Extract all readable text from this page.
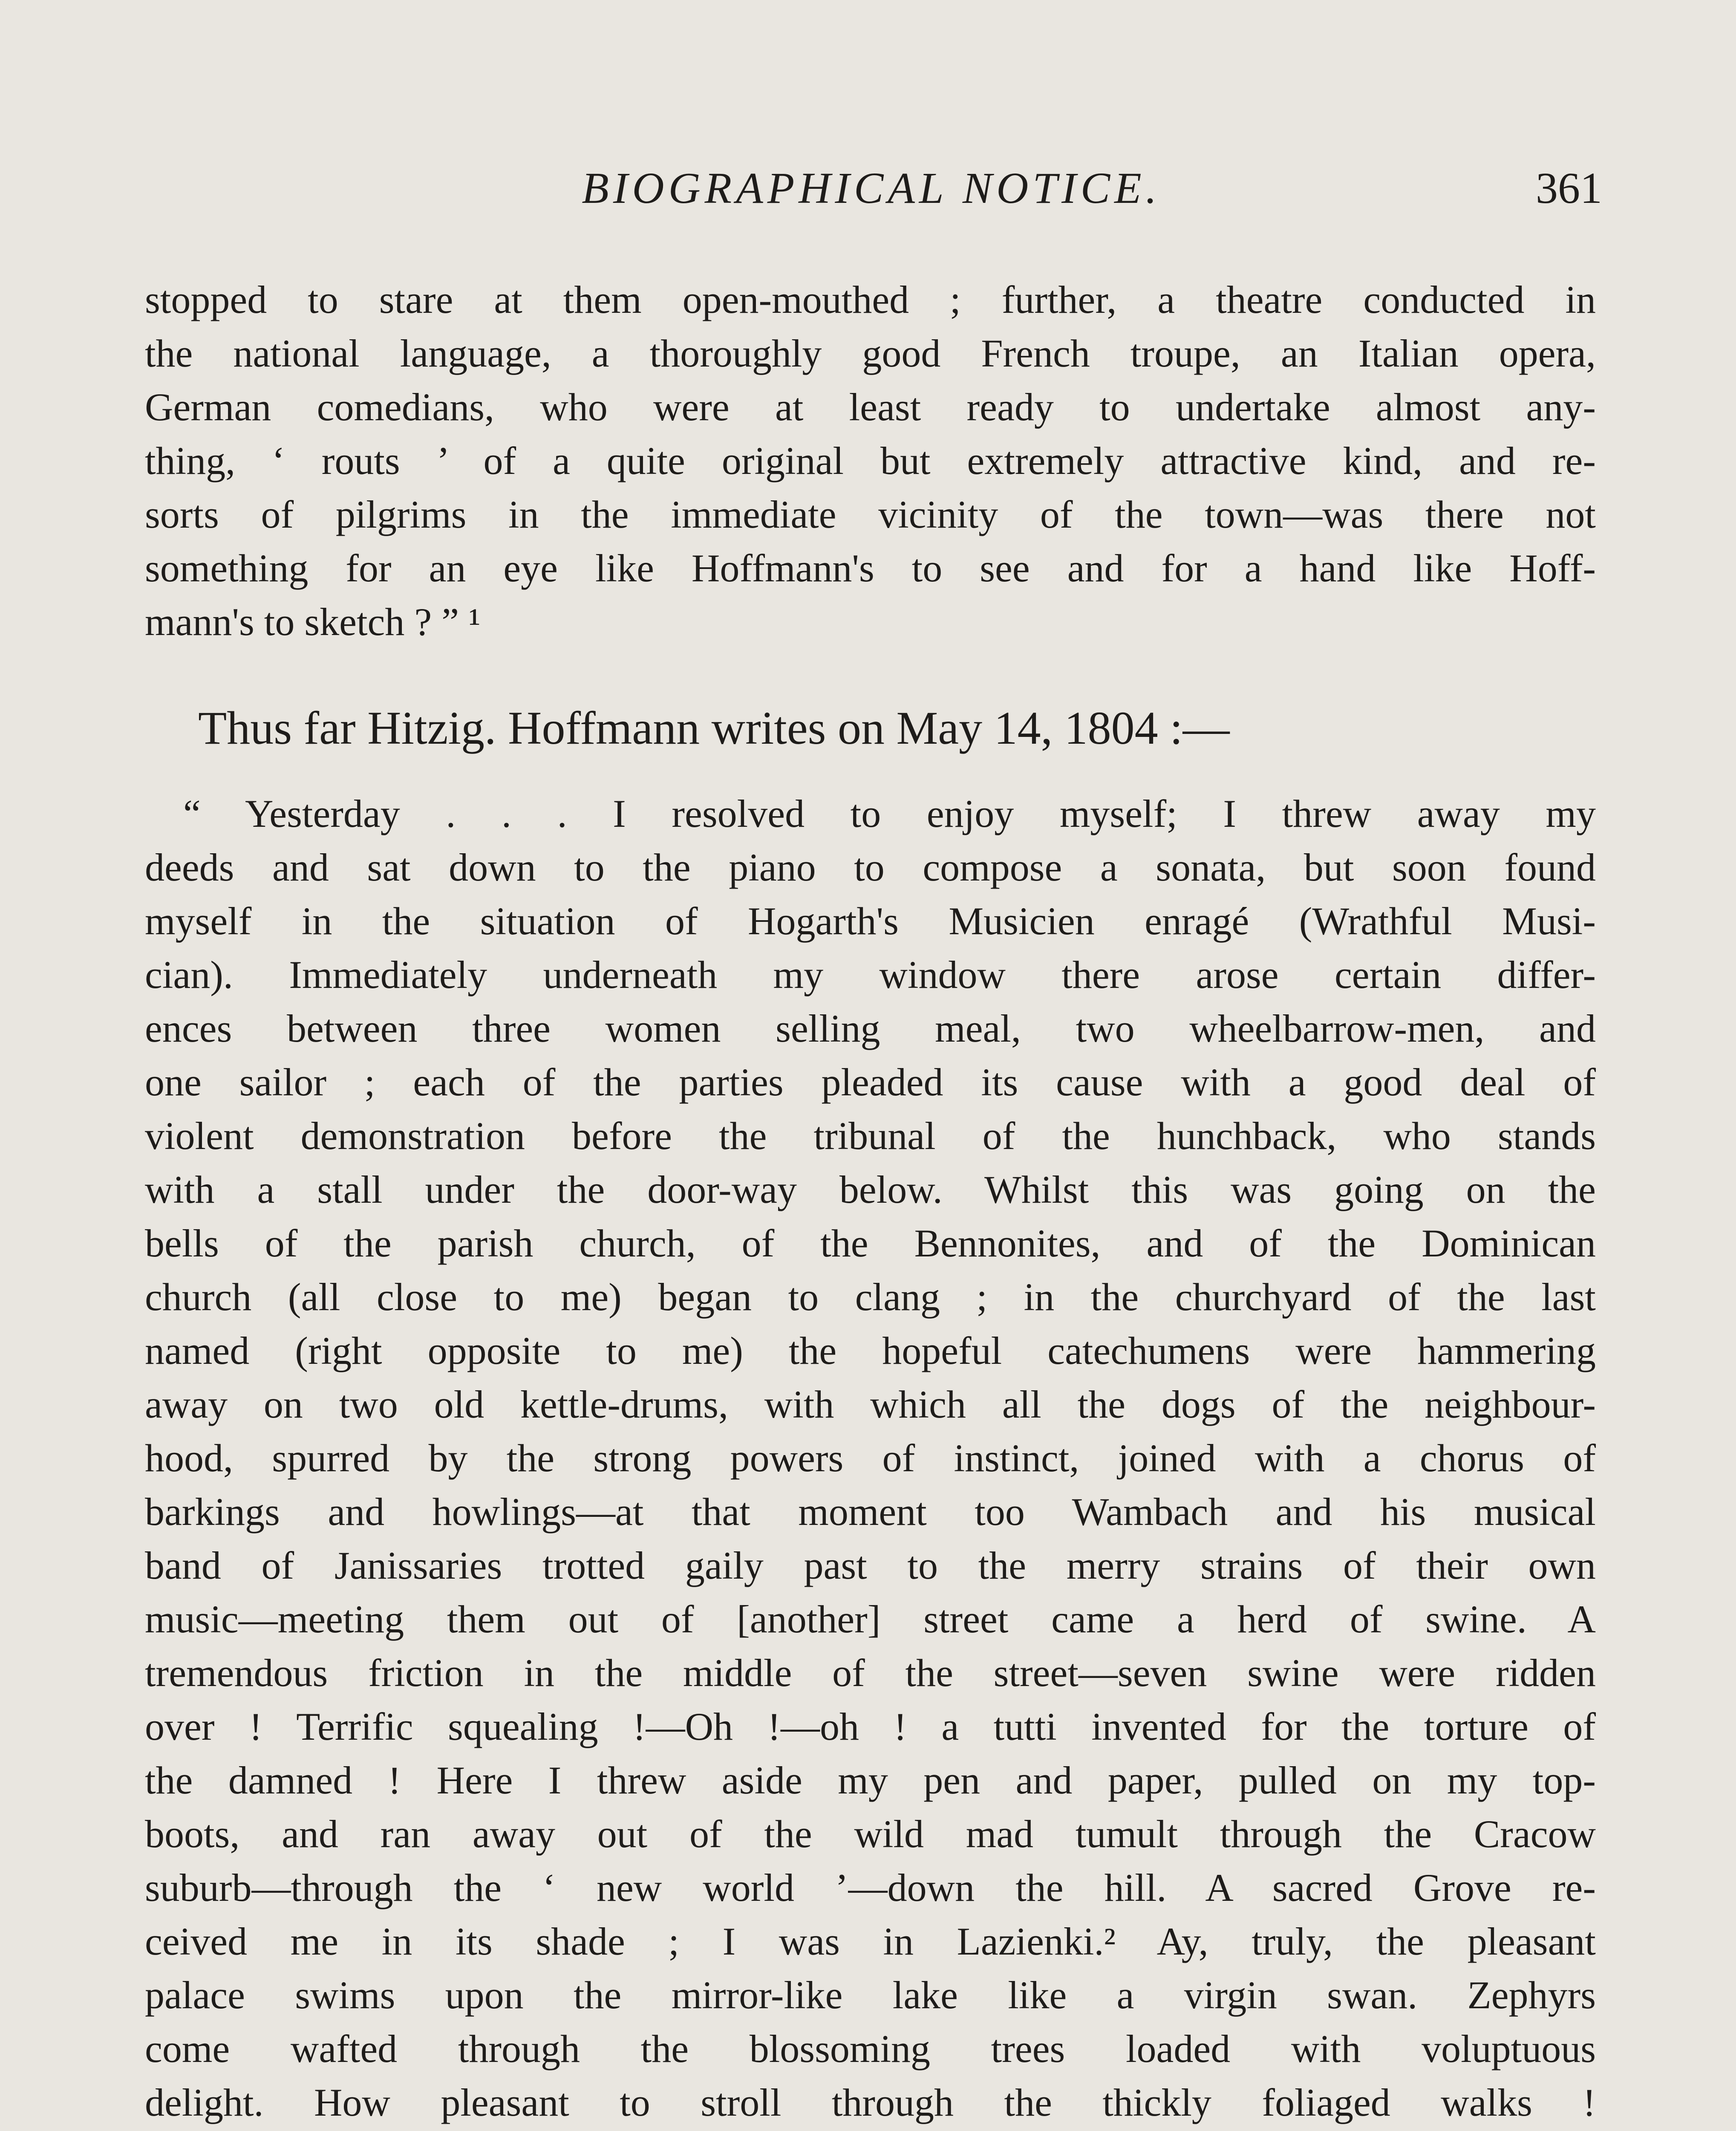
BIOGRAPHICAL NOTICE.	361
stopped to stare at them open-mouthed ; further, a theatre conducted in
the national language, a thoroughly good French troupe, an Italian opera,
German comedians, who were at least ready to undertake almost any-
thing, ‘ routs ’ of a quite original but extremely attractive kind, and re-
sorts of pilgrims in the immediate vicinity of the town—was there not
something for an eye like Hoffmann's to see and for a hand like Hoff-
mann's to sketch ? ” ¹
Thus far Hitzig. Hoffmann writes on May 14, 1804 :—
“ Yesterday . . . I resolved to enjoy myself; I threw away my
deeds and sat down to the piano to compose a sonata, but soon found
myself in the situation of Hogarth's Musicien enragé (Wrathful Musi-
cian). Immediately underneath my window there arose certain differ-
ences between three women selling meal, two wheelbarrow-men, and
one sailor ; each of the parties pleaded its cause with a good deal of
violent demonstration before the tribunal of the hunchback, who stands
with a stall under the door-way below. Whilst this was going on the
bells of the parish church, of the Bennonites, and of the Dominican
church (all close to me) began to clang ; in the churchyard of the last
named (right opposite to me) the hopeful catechumens were hammering
away on two old kettle-drums, with which all the dogs of the neighbour-
hood, spurred by the strong powers of instinct, joined with a chorus of
barkings and howlings—at that moment too Wambach and his musical
band of Janissaries trotted gaily past to the merry strains of their own
music—meeting them out of [another] street came a herd of swine. A
tremendous friction in the middle of the street—seven swine were ridden
over ! Terrific squealing !—Oh !—oh ! a tutti invented for the torture of
the damned ! Here I threw aside my pen and paper, pulled on my top-
boots, and ran away out of the wild mad tumult through the Cracow
suburb—through the ‘ new world ’—down the hill. A sacred Grove re-
ceived me in its shade ; I was in Lazienki.² Ay, truly, the pleasant
palace swims upon the mirror-like lake like a virgin swan. Zephyrs
come wafted through the blossoming trees loaded with voluptuous
delight. How pleasant to stroll through the thickly foliaged walks !
